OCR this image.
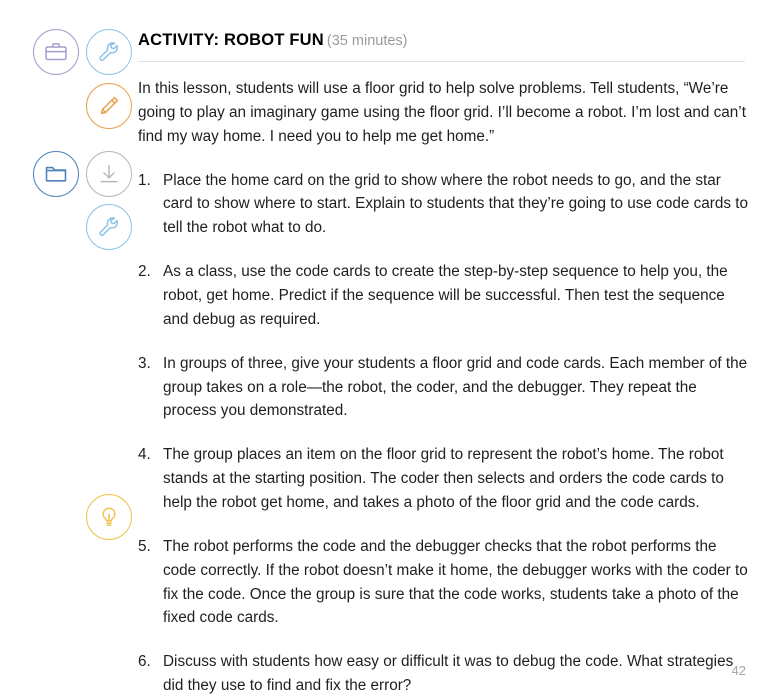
ACTIVITY: ROBOT FUN (35 minutes)

In this lesson, students will use a floor grid to help solve problems. Tell students, “We’re going to play an imaginary game using the floor grid. I’ll become a robot. I’m lost and can’t find my way home. I need you to help me get home.”

1. Place the home card on the grid to show where the robot needs to go, and the star card to show where to start. Explain to students that they’re going to use code cards to tell the robot what to do.
2. As a class, use the code cards to create the step-by-step sequence to help you, the robot, get home. Predict if the sequence will be successful. Then test the sequence and debug as required.
3. In groups of three, give your students a floor grid and code cards. Each member of the group takes on a role—the robot, the coder, and the debugger. They repeat the process you demonstrated.
4. The group places an item on the floor grid to represent the robot’s home. The robot stands at the starting position. The coder then selects and orders the code cards to help the robot get home, and takes a photo of the floor grid and the code cards.
5. The robot performs the code and the debugger checks that the robot performs the code correctly. If the robot doesn’t make it home, the debugger works with the coder to fix the code. Once the group is sure that the code works, students take a photo of the fixed code cards.
6. Discuss with students how easy or difficult it was to debug the code. What strategies did they use to find and fix the error?
42
